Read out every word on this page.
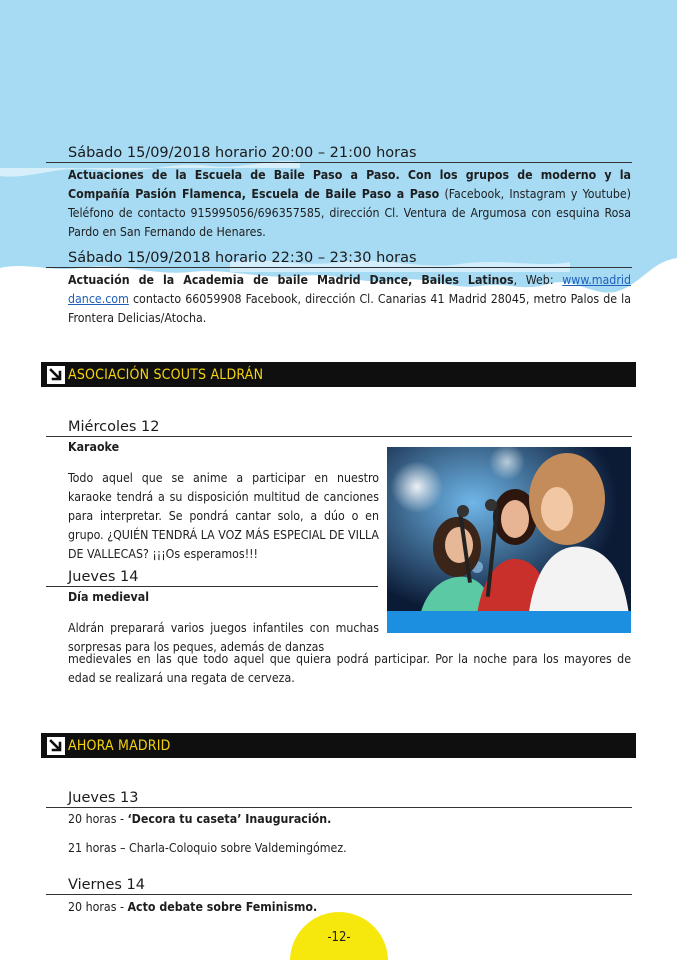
Sábado 15/09/2018 horario 20:00 – 21:00 horas
Actuaciones de la Escuela de Baile Paso a Paso. Con los grupos de moderno y la Compañía Pasión Flamenca, Escuela de Baile Paso a Paso (Facebook, Instagram y Youtube) Teléfono de contacto 915995056/696357585, dirección Cl. Ventura de Argumosa con esquina Rosa Pardo en San Fernando de Henares.
Sábado 15/09/2018 horario 22:30 – 23:30 horas
Actuación de la Academia de baile Madrid Dance, Bailes Latinos, Web: www.madrid dance.com contacto 66059908 Facebook, dirección Cl. Canarias 41 Madrid 28045, metro Palos de la Frontera Delicias/Atocha.
ASOCIACIÓN SCOUTS ALDRÁN
Miércoles 12
Karaoke
Todo aquel que se anime a participar en nuestro karaoke tendrá a su disposición multitud de canciones para interpretar. Se pondrá cantar solo, a dúo o en grupo. ¿QUIÉN TENDRÁ LA VOZ MÁS ESPECIAL DE VILLA DE VALLECAS? ¡¡¡Os esperamos!!!
Jueves 14
Día medieval
Aldrán preparará varios juegos infantiles con muchas sorpresas para los peques, además de danzas
medievales en las que todo aquel que quiera podrá participar. Por la noche para los mayores de edad se realizará una regata de cerveza.
AHORA MADRID
Jueves 13
20 horas - ‘Decora tu caseta’ Inauguración.
21 horas – Charla-Coloquio sobre Valdemingómez.
Viernes 14
20 horas - Acto debate sobre Feminismo.
-12-
